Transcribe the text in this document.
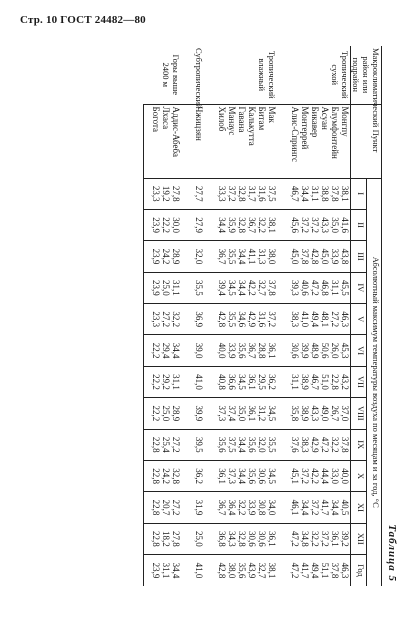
Стр. 10 ГОСТ 24482—80
Таблица 5
Макроклиматический район или подрайон	Пункт	Абсолютный максимум температуры воздуха по месяцам и за год, °С												
		I	II	III	IV	V	VI	VII	VIII	IX	X	XI	XII	Год
Тропический сухой	Монгпу	38,1	41,6	43,8	45,5	46,3	45,3	43,2	37,0	37,8	40,0	40,5	39,2	46,3
	Блумфонтейн	37,8	35,0	33,9	31,1	27,2	26,0	22,8	26,7	32,2	33,0	34,4	36,1	37,8
	Асуан	38,8	43,3	45,0	46,8	48,1	50,6	51,0	49,0	47,2	44,4	41,7	37,2	51,1
	Бикавер	31,1	37,2	42,8	47,2	49,4	48,9	46,7	43,3	42,9	42,2	37,2	32,2	49,4
	Монтеррей	34,4	37,2	37,8	40,6	41,0	39,9	38,9	38,9	38,3	37,2	34,4	34,8	41,7
	Алис-Спрингс	46,7	45,6	45,0	39,3	38,3	30,6	31,1	35,8	37,6	45,1	46,1	47,2	47,2
Тропический влажный	Мак	37,5	38,1	38,0	37,8	37,2	36,1	36,2	34,5	35,5	34,5	34,0	36,1	38,1
	Битам	31,6	32,2	31,3	32,7	31,6	28,8	29,5	31,2	32,0	30,6	30,8	30,6	32,7
	Калькутта	31,7	36,7	41,1	42,2	42,9	36,7	36,1	36,1	35,6	35,6	33,9	30,6	43,9
	Гавана	32,8	32,8	34,4	34,4	34,6	35,6	34,5	35,0	34,4	34,4	32,2	32,8	35,6
	Манаус	37,2	35,9	35,5	34,5	35,5	33,9	36,6	37,4	37,5	37,3	36,4	34,3	38,0
	Хилоб	33,3	34,4	36,7	39,4	42,8	40,0	40,8	37,3	35,6	36,1	36,7	36,8	42,8
Субтропический	Чжицзян	27,7	27,9	32,0	35,5	36,9	39,0	41,0	39,9	39,5	36,2	31,9	25,0	41,0
Горы выше 2400 м	Аддис-Абеба	27,8	30,0	28,9	31,1	32,2	34,4	31,1	28,9	27,2	32,8	27,2	27,8	34,4
	Лхаса	19,2	22,2	24,2	25,0	27,2	29,4	29,2	25,0	25,4	24,2	20,7	18,2	31,1
	Богота	23,3	23,9	23,9	23,9	23,3	22,2	22,2	22,2	22,8	22,8	22,8	22,8	23,9
